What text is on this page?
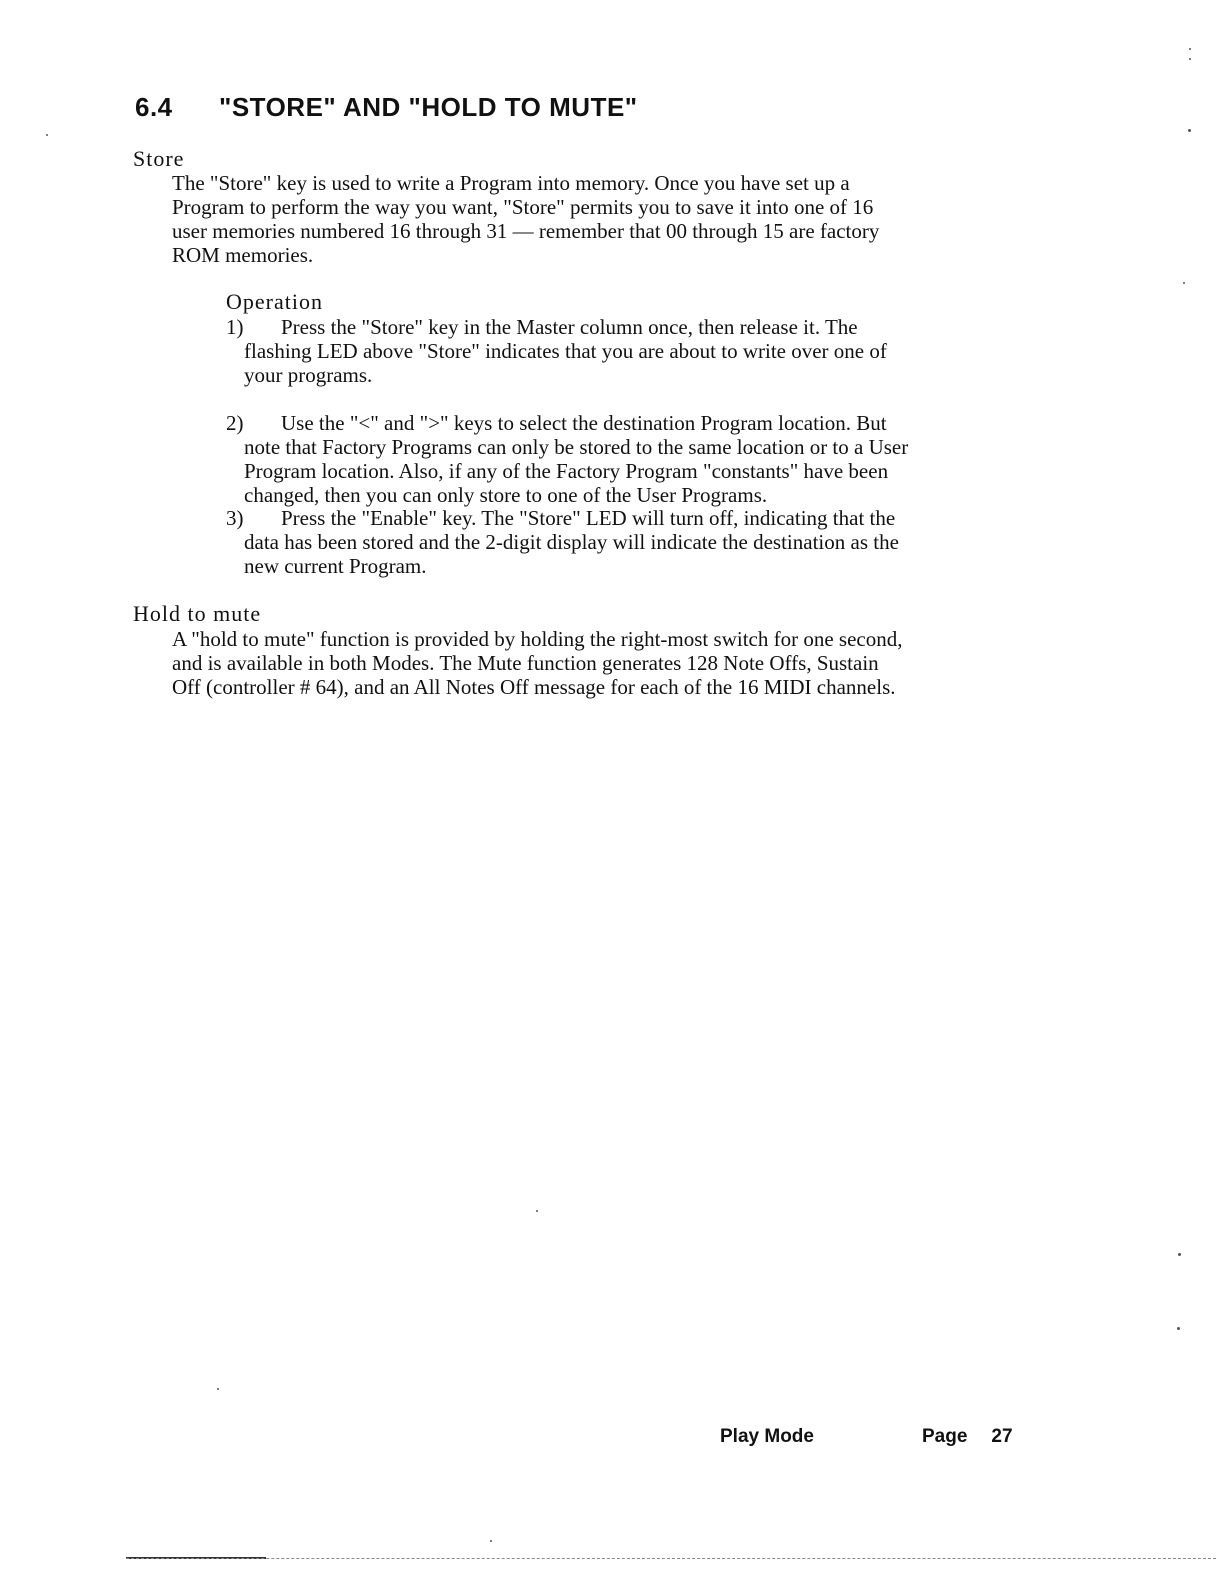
6.4 "STORE" AND "HOLD TO MUTE"
Store
The "Store" key is used to write a Program into memory. Once you have set up a
Program to perform the way you want, "Store" permits you to save it into one of 16
user memories numbered 16 through 31 — remember that 00 through 15 are factory
ROM memories.
Operation
1) Press the "Store" key in the Master column once, then release it. The
flashing LED above "Store" indicates that you are about to write over one of
your programs.
2) Use the "<" and ">" keys to select the destination Program location. But
note that Factory Programs can only be stored to the same location or to a User
Program location. Also, if any of the Factory Program "constants" have been
changed, then you can only store to one of the User Programs.
3) Press the "Enable" key. The "Store" LED will turn off, indicating that the
data has been stored and the 2-digit display will indicate the destination as the
new current Program.
Hold to mute
A "hold to mute" function is provided by holding the right-most switch for one second,
and is available in both Modes. The Mute function generates 128 Note Offs, Sustain
Off (controller # 64), and an All Notes Off message for each of the 16 MIDI channels.
Play Mode	Page 27
